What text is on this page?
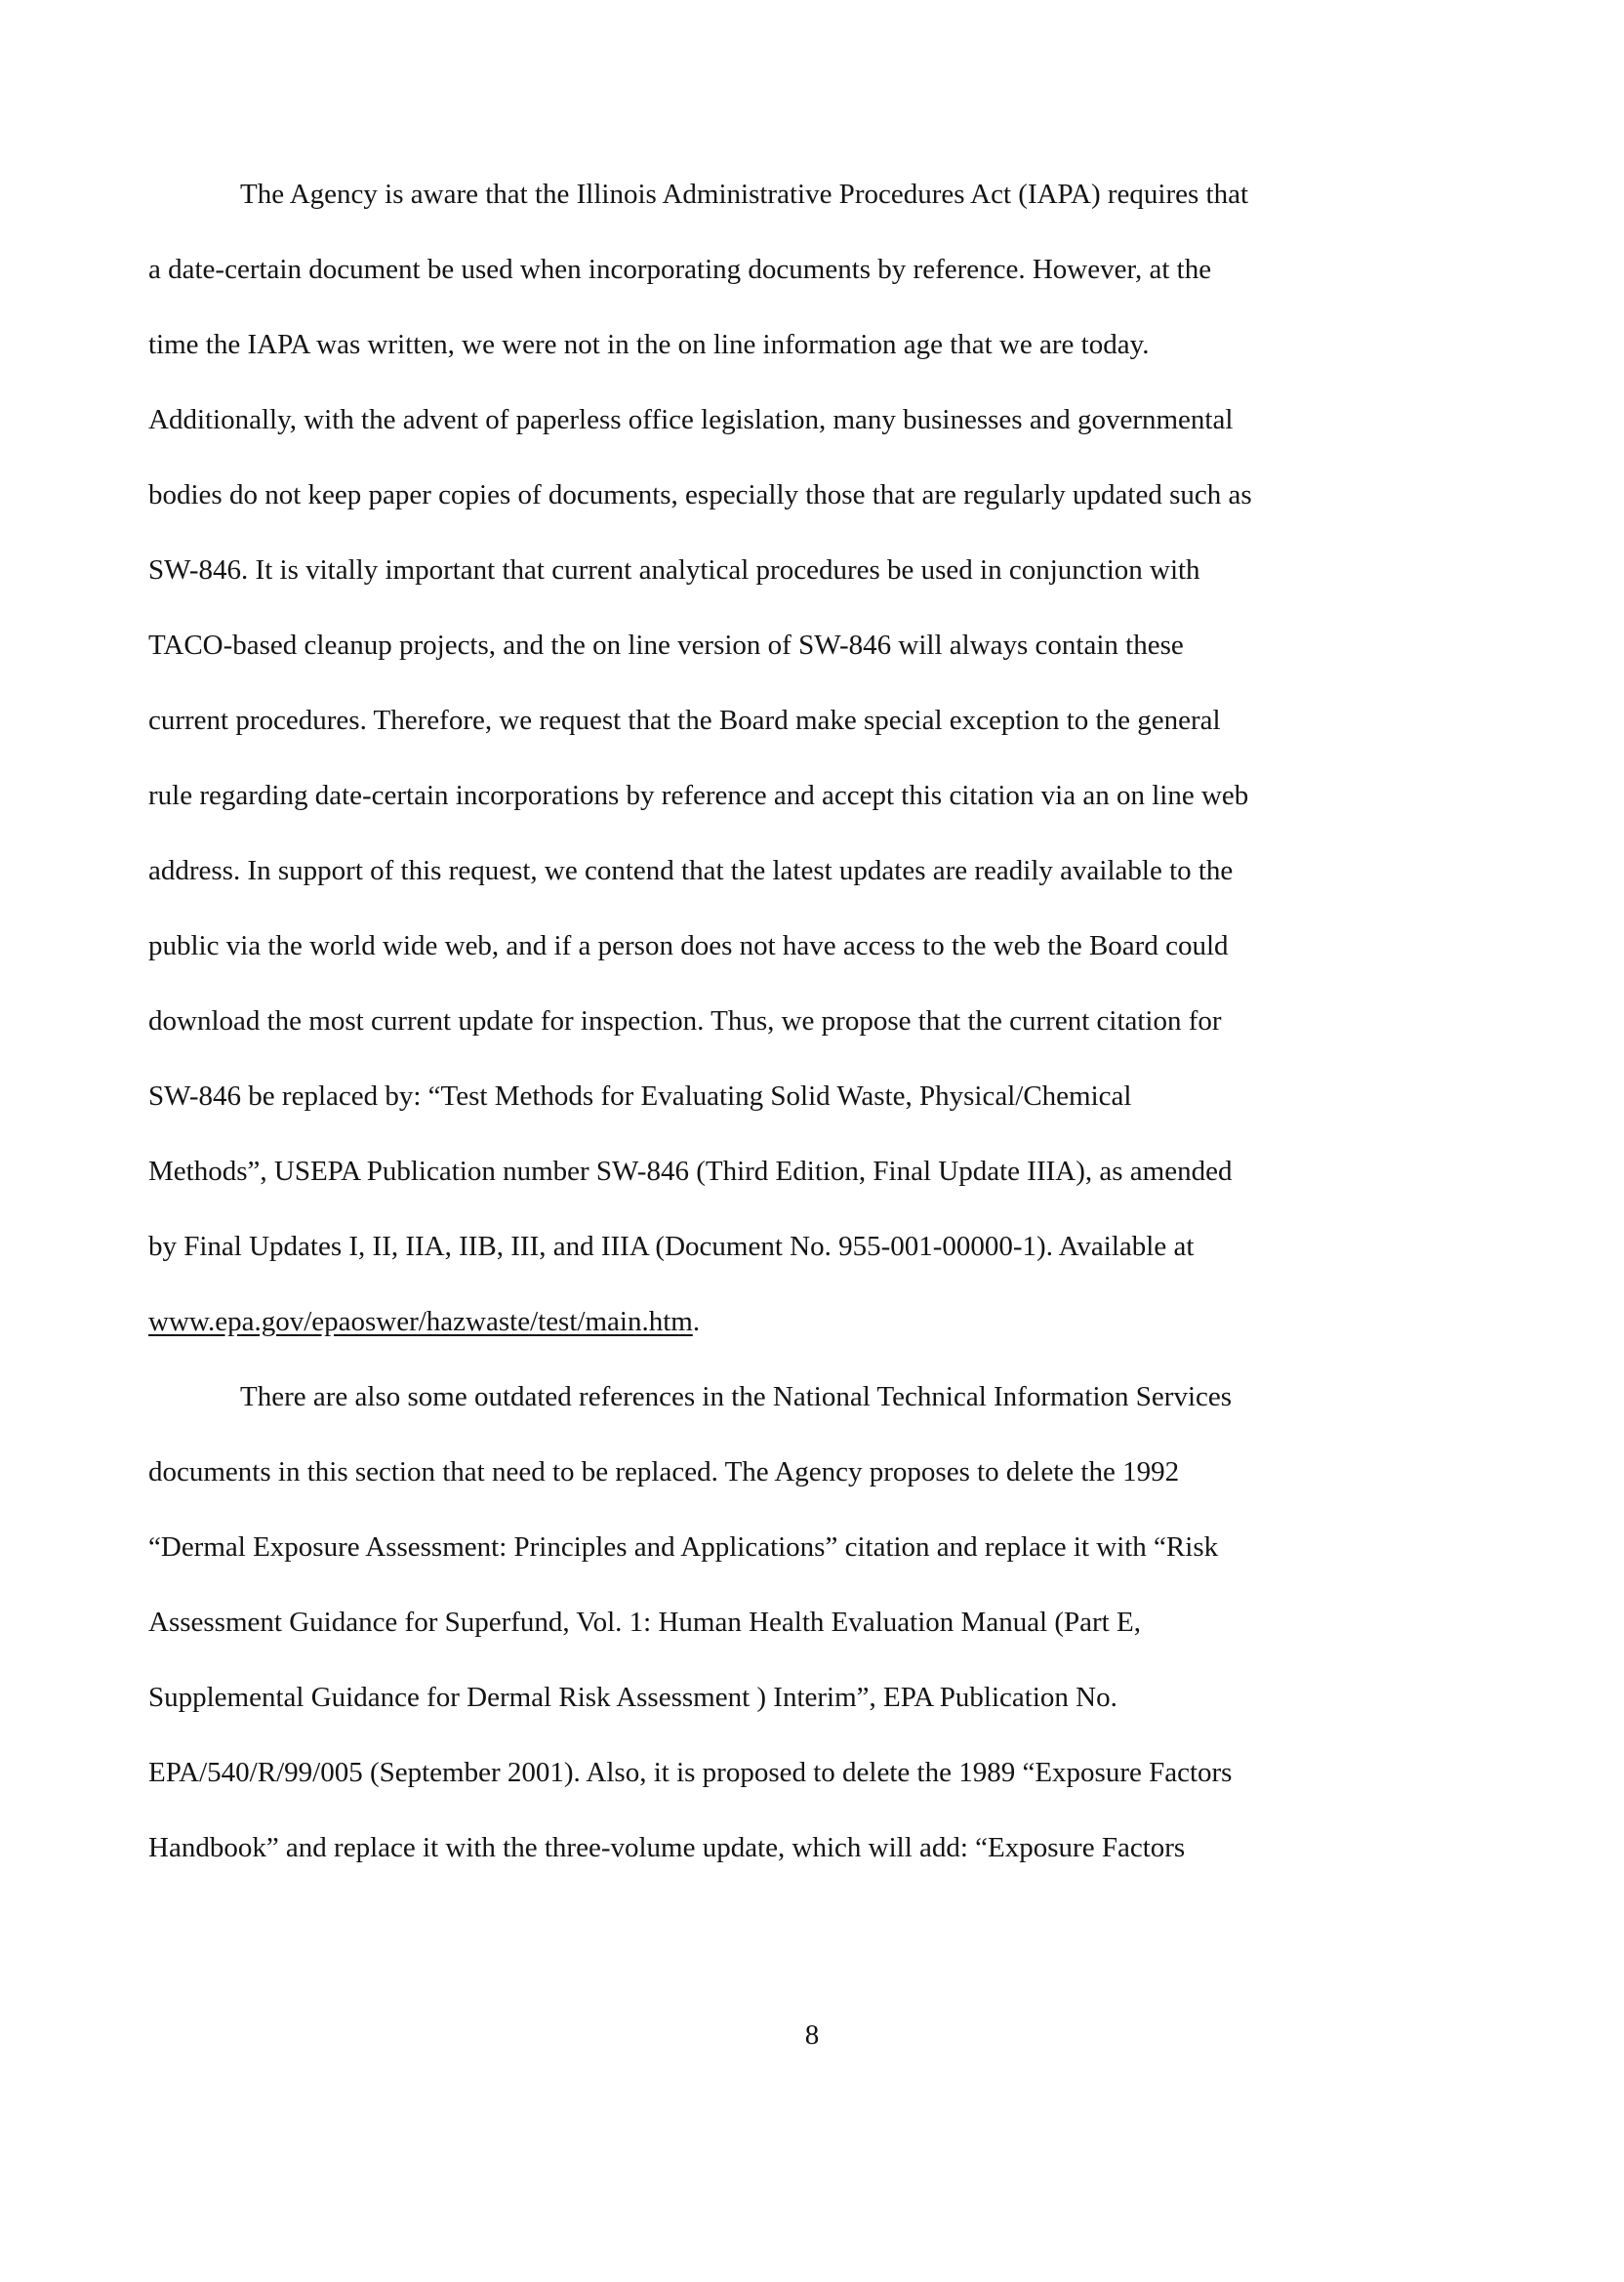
The Agency is aware that the Illinois Administrative Procedures Act (IAPA) requires that
a date-certain document be used when incorporating documents by reference. However, at the
time the IAPA was written, we were not in the on line information age that we are today.
Additionally, with the advent of paperless office legislation, many businesses and governmental
bodies do not keep paper copies of documents, especially those that are regularly updated such as
SW-846. It is vitally important that current analytical procedures be used in conjunction with
TACO-based cleanup projects, and the on line version of SW-846 will always contain these
current procedures. Therefore, we request that the Board make special exception to the general
rule regarding date-certain incorporations by reference and accept this citation via an on line web
address. In support of this request, we contend that the latest updates are readily available to the
public via the world wide web, and if a person does not have access to the web the Board could
download the most current update for inspection. Thus, we propose that the current citation for
SW-846 be replaced by: “Test Methods for Evaluating Solid Waste, Physical/Chemical
Methods”, USEPA Publication number SW-846 (Third Edition, Final Update IIIA), as amended
by Final Updates I, II, IIA, IIB, III, and IIIA (Document No. 955-001-00000-1). Available at
www.epa.gov/epaoswer/hazwaste/test/main.htm.
There are also some outdated references in the National Technical Information Services
documents in this section that need to be replaced. The Agency proposes to delete the 1992
“Dermal Exposure Assessment: Principles and Applications” citation and replace it with “Risk
Assessment Guidance for Superfund, Vol. 1: Human Health Evaluation Manual (Part E,
Supplemental Guidance for Dermal Risk Assessment ) Interim”, EPA Publication No.
EPA/540/R/99/005 (September 2001). Also, it is proposed to delete the 1989 “Exposure Factors
Handbook” and replace it with the three-volume update, which will add: “Exposure Factors
8
